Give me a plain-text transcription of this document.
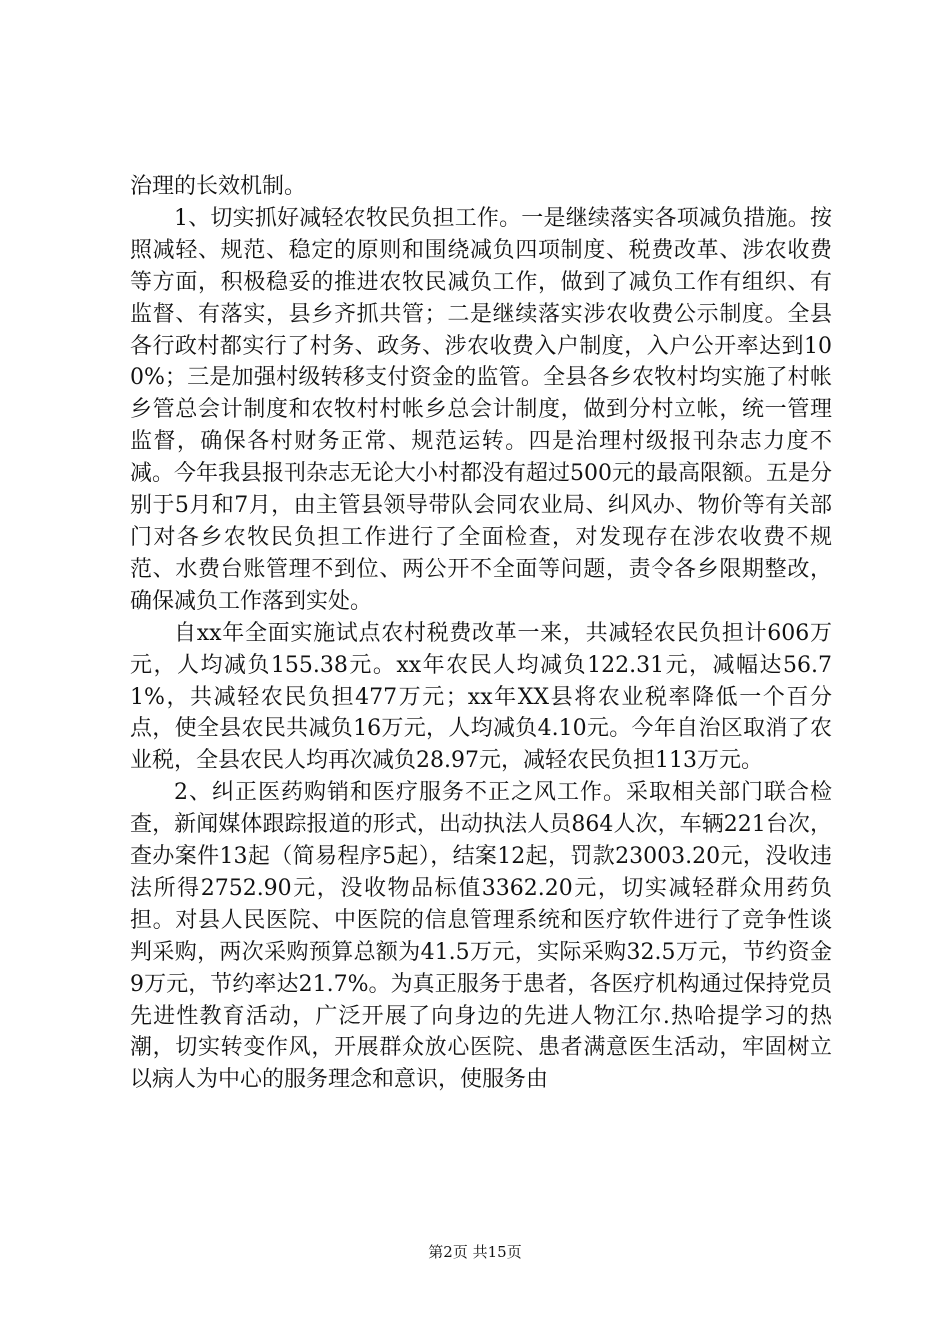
治理的长效机制。

1、切实抓好减轻农牧民负担工作。一是继续落实各项减负措施。按照减轻、规范、稳定的原则和围绕减负四项制度、税费改革、涉农收费等方面，积极稳妥的推进农牧民减负工作，做到了减负工作有组织、有监督、有落实，县乡齐抓共管；二是继续落实涉农收费公示制度。全县各行政村都实行了村务、政务、涉农收费入户制度，入户公开率达到100%；三是加强村级转移支付资金的监管。全县各乡农牧村均实施了村帐乡管总会计制度和农牧村村帐乡总会计制度，做到分村立帐，统一管理监督，确保各村财务正常、规范运转。四是治理村级报刊杂志力度不减。今年我县报刊杂志无论大小村都没有超过500元的最高限额。五是分别于5月和7月，由主管县领导带队会同农业局、纠风办、物价等有关部门对各乡农牧民负担工作进行了全面检查，对发现存在涉农收费不规范、水费台账管理不到位、两公开不全面等问题，责令各乡限期整改，确保减负工作落到实处。

自xx年全面实施试点农村税费改革一来，共减轻农民负担计606万元，人均减负155.38元。xx年农民人均减负122.31元，减幅达56.71%，共减轻农民负担477万元；xx年XX县将农业税率降低一个百分点，使全县农民共减负16万元，人均减负4.10元。今年自治区取消了农业税，全县农民人均再次减负28.97元，减轻农民负担113万元。

2、纠正医药购销和医疗服务不正之风工作。采取相关部门联合检查，新闻媒体跟踪报道的形式，出动执法人员864人次，车辆221台次，查办案件13起（简易程序5起），结案12起，罚款23003.20元，没收违法所得2752.90元，没收物品标值3362.20元，切实减轻群众用药负担。对县人民医院、中医院的信息管理系统和医疗软件进行了竞争性谈判采购，两次采购预算总额为41.5万元，实际采购32.5万元，节约资金9万元，节约率达21.7%。为真正服务于患者，各医疗机构通过保持党员先进性教育活动，广泛开展了向身边的先进人物江尔.热哈提学习的热潮，切实转变作风，开展群众放心医院、患者满意医生活动，牢固树立以病人为中心的服务理念和意识，使服务由

第2页 共15页
